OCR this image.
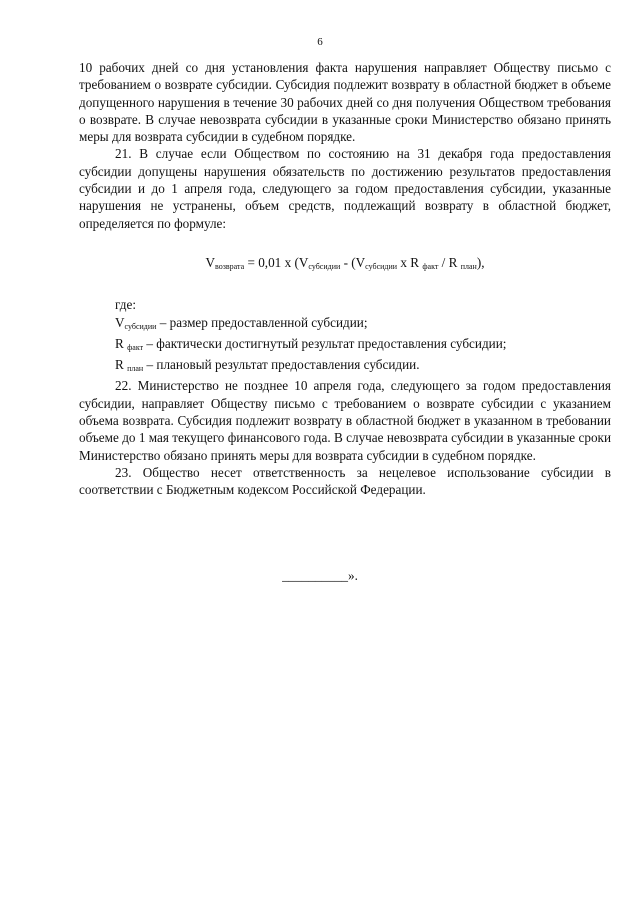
6

10 рабочих дней со дня установления факта нарушения направляет Обществу письмо с требованием о возврате субсидии. Субсидия подлежит возврату в областной бюджет в объеме допущенного нарушения в течение 30 рабочих дней со дня получения Обществом требования о возврате. В случае невозврата субсидии в указанные сроки Министерство обязано принять меры для возврата субсидии в судебном порядке.

21. В случае если Обществом по состоянию на 31 декабря года предоставления субсидии допущены нарушения обязательств по достижению результатов предоставления субсидии и до 1 апреля года, следующего за годом предоставления субсидии, указанные нарушения не устранены, объем средств, подлежащий возврату в областной бюджет, определяется по формуле:

$V_{возврата} = 0,01$ x ($V_{субсидии} - (V_{субсидии}$ x R $_{факт}$ / R $_{план}$),

где:

$V_{субсидии}$ – размер предоставленной субсидии;

R $_{факт}$ – фактически достигнутый результат предоставления субсидии;

R $_{план}$ – плановый результат предоставления субсидии.

22. Министерство не позднее 10 апреля года, следующего за годом предоставления субсидии, направляет Обществу письмо с требованием о возврате субсидии с указанием объема возврата. Субсидия подлежит возврату в областной бюджет в указанном в требовании объеме до 1 мая текущего финансового года. В случае невозврата субсидии в указанные сроки Министерство обязано принять меры для возврата субсидии в судебном порядке.

23. Общество несет ответственность за нецелевое использование субсидии в соответствии с Бюджетным кодексом Российской Федерации.

__________».
